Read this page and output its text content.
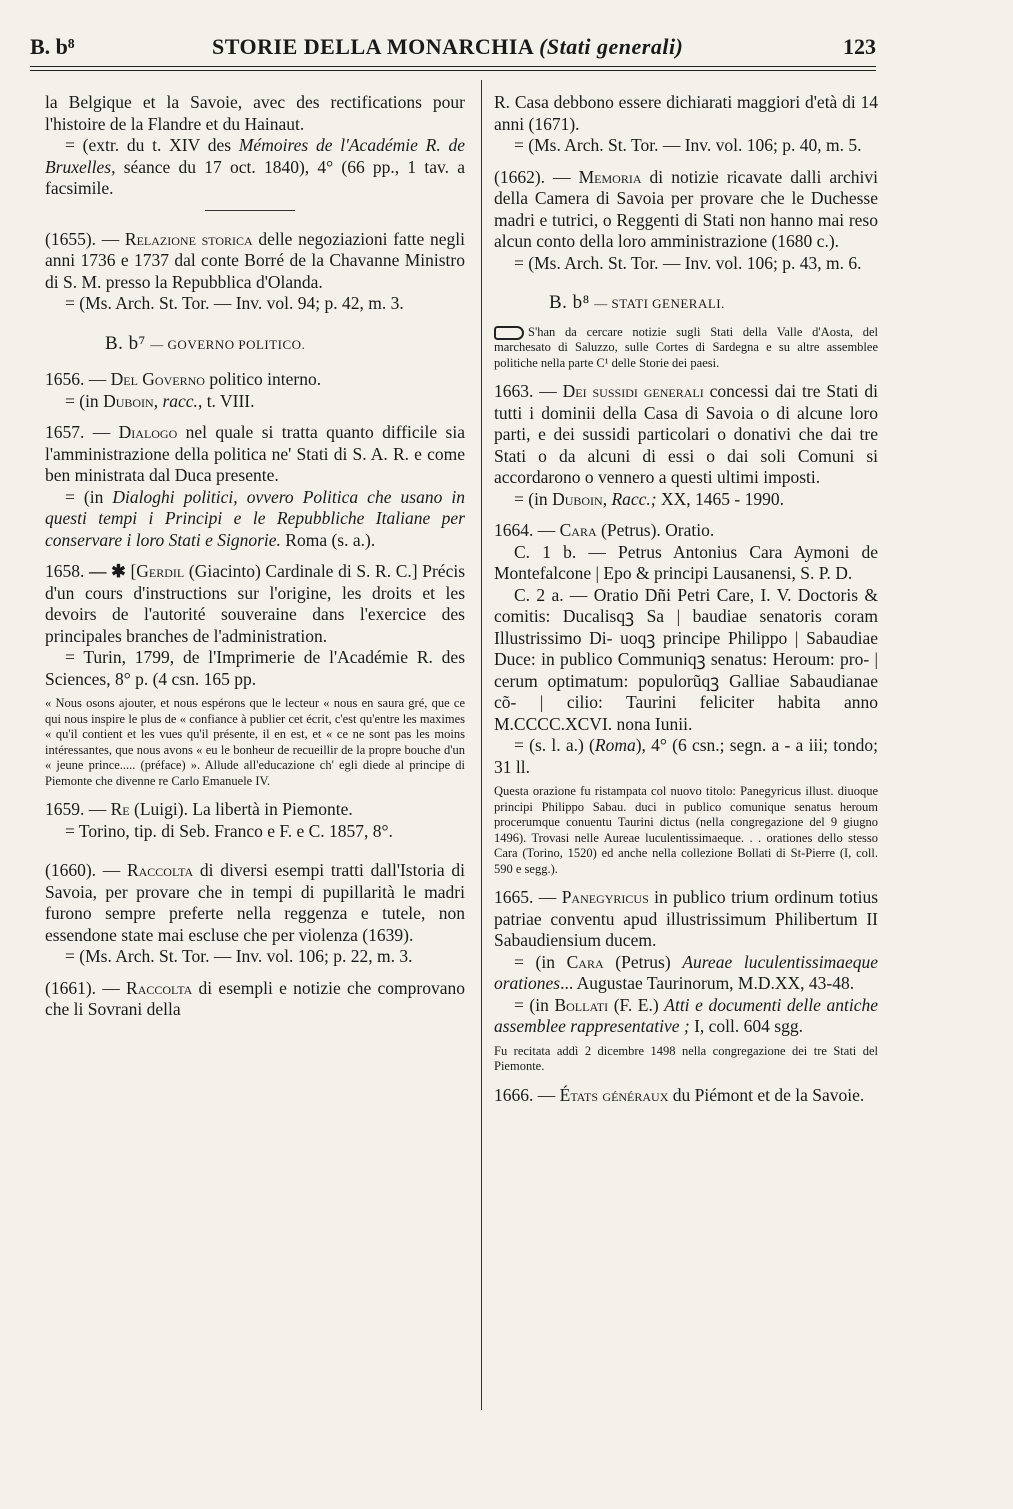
B. b⁸	STORIE DELLA MONARCHIA (Stati generali)	123

la Belgique et la Savoie, avec des rectifications pour l'histoire de la Flandre et du Hainaut.

= (extr. du t. XIV des Mémoires de l'Académie R. de Bruxelles, séance du 17 oct. 1840), 4° (66 pp., 1 tav. a facsimile.

(1655). — Relazione storica delle negoziazioni fatte negli anni 1736 e 1737 dal conte Borré de la Chavanne Ministro di S. M. presso la Repubblica d'Olanda.

= (Ms. Arch. St. Tor. — Inv. vol. 94; p. 42, m. 3.

B. b⁷ — GOVERNO POLITICO.

1656. — Del Governo politico interno.

= (in Duboin, racc., t. VIII.

1657. — Dialogo nel quale si tratta quanto difficile sia l'amministrazione della politica ne' Stati di S. A. R. e come ben ministrata dal Duca presente.

= (in Dialoghi politici, ovvero Politica che usano in questi tempi i Principi e le Repubbliche Italiane per conservare i loro Stati e Signorie. Roma (s. a.).

1658. — ✱ [Gerdil (Giacinto) Cardinale di S. R. C.] Précis d'un cours d'instructions sur l'origine, les droits et les devoirs de l'autorité souveraine dans l'exercice des principales branches de l'administration.

= Turin, 1799, de l'Imprimerie de l'Académie R. des Sciences, 8° p. (4 csn. 165 pp.

« Nous osons ajouter, et nous espérons que le lecteur « nous en saura gré, que ce qui nous inspire le plus de « confiance à publier cet écrit, c'est qu'entre les maximes « qu'il contient et les vues qu'il présente, il en est, et « ce ne sont pas les moins intéressantes, que nous avons « eu le bonheur de recueillir de la propre bouche d'un « jeune prince..... (préface) ». Allude all'educazione ch' egli diede al principe di Piemonte che divenne re Carlo Emanuele IV.

1659. — Re (Luigi). La libertà in Piemonte.

= Torino, tip. di Seb. Franco e F. e C. 1857, 8°.

(1660). — Raccolta di diversi esempi tratti dall'Istoria di Savoia, per provare che in tempi di pupillarità le madri furono sempre preferte nella reggenza e tutele, non essendone state mai escluse che per violenza (1639).

= (Ms. Arch. St. Tor. — Inv. vol. 106; p. 22, m. 3.

(1661). — Raccolta di esempli e notizie che comprovano che li Sovrani della

R. Casa debbono essere dichiarati maggiori d'età di 14 anni (1671).

= (Ms. Arch. St. Tor. — Inv. vol. 106; p. 40, m. 5.

(1662). — Memoria di notizie ricavate dalli archivi della Camera di Savoia per provare che le Duchesse madri e tutrici, o Reggenti di Stati non hanno mai reso alcun conto della loro amministrazione (1680 c.).

= (Ms. Arch. St. Tor. — Inv. vol. 106; p. 43, m. 6.

B. b⁸ — STATI GENERALI.

S'han da cercare notizie sugli Stati della Valle d'Aosta, del marchesato di Saluzzo, sulle Cortes di Sardegna e su altre assemblee politiche nella parte C¹ delle Storie dei paesi.

1663. — Dei sussidi generali concessi dai tre Stati di tutti i dominii della Casa di Savoia o di alcune loro parti, e dei sussidi particolari o donativi che dai tre Stati o da alcuni di essi o dai soli Comuni si accordarono o vennero a questi ultimi imposti.

= (in Duboin, Racc.; XX, 1465 - 1990.

1664. — Cara (Petrus). Oratio.

C. 1 b. — Petrus Antonius Cara Aymoni de Montefalcone | Epo & principi Lausanensi, S. P. D.

C. 2 a. — Oratio Dñi Petri Care, I. V. Doctoris & comitis: Ducalisqꝫ Sa | baudiae senatoris coram Illustrissimo Di- uoqꝫ principe Philippo | Sabaudiae Duce: in publico Communiqꝫ senatus: Heroum: pro- | cerum optimatum: populorũqꝫ Galliae Sabaudianae cõ- | cilio: Taurini feliciter habita anno M.CCCC.XCVI. nona Iunii.

= (s. l. a.) (Roma), 4° (6 csn.; segn. a - a iii; tondo; 31 ll.

Questa orazione fu ristampata col nuovo titolo: Panegyricus illust. diuoque principi Philippo Sabau. duci in publico comunique senatus heroum procerumque conuentu Taurini dictus (nella congregazione del 9 giugno 1496). Trovasi nelle Aureae luculentissimaeque. . . orationes dello stesso Cara (Torino, 1520) ed anche nella collezione Bollati di St-Pierre (I, coll. 590 e segg.).

1665. — Panegyricus in publico trium ordinum totius patriae conventu apud illustrissimum Philibertum II Sabaudiensium ducem.

= (in Cara (Petrus) Aureae luculentissimaeque orationes... Augustae Taurinorum, M.D.XX, 43-48.

= (in Bollati (F. E.) Atti e documenti delle antiche assemblee rappresentative ; I, coll. 604 sgg.

Fu recitata addì 2 dicembre 1498 nella congregazione dei tre Stati del Piemonte.

1666. — États généraux du Piémont et de la Savoie.
